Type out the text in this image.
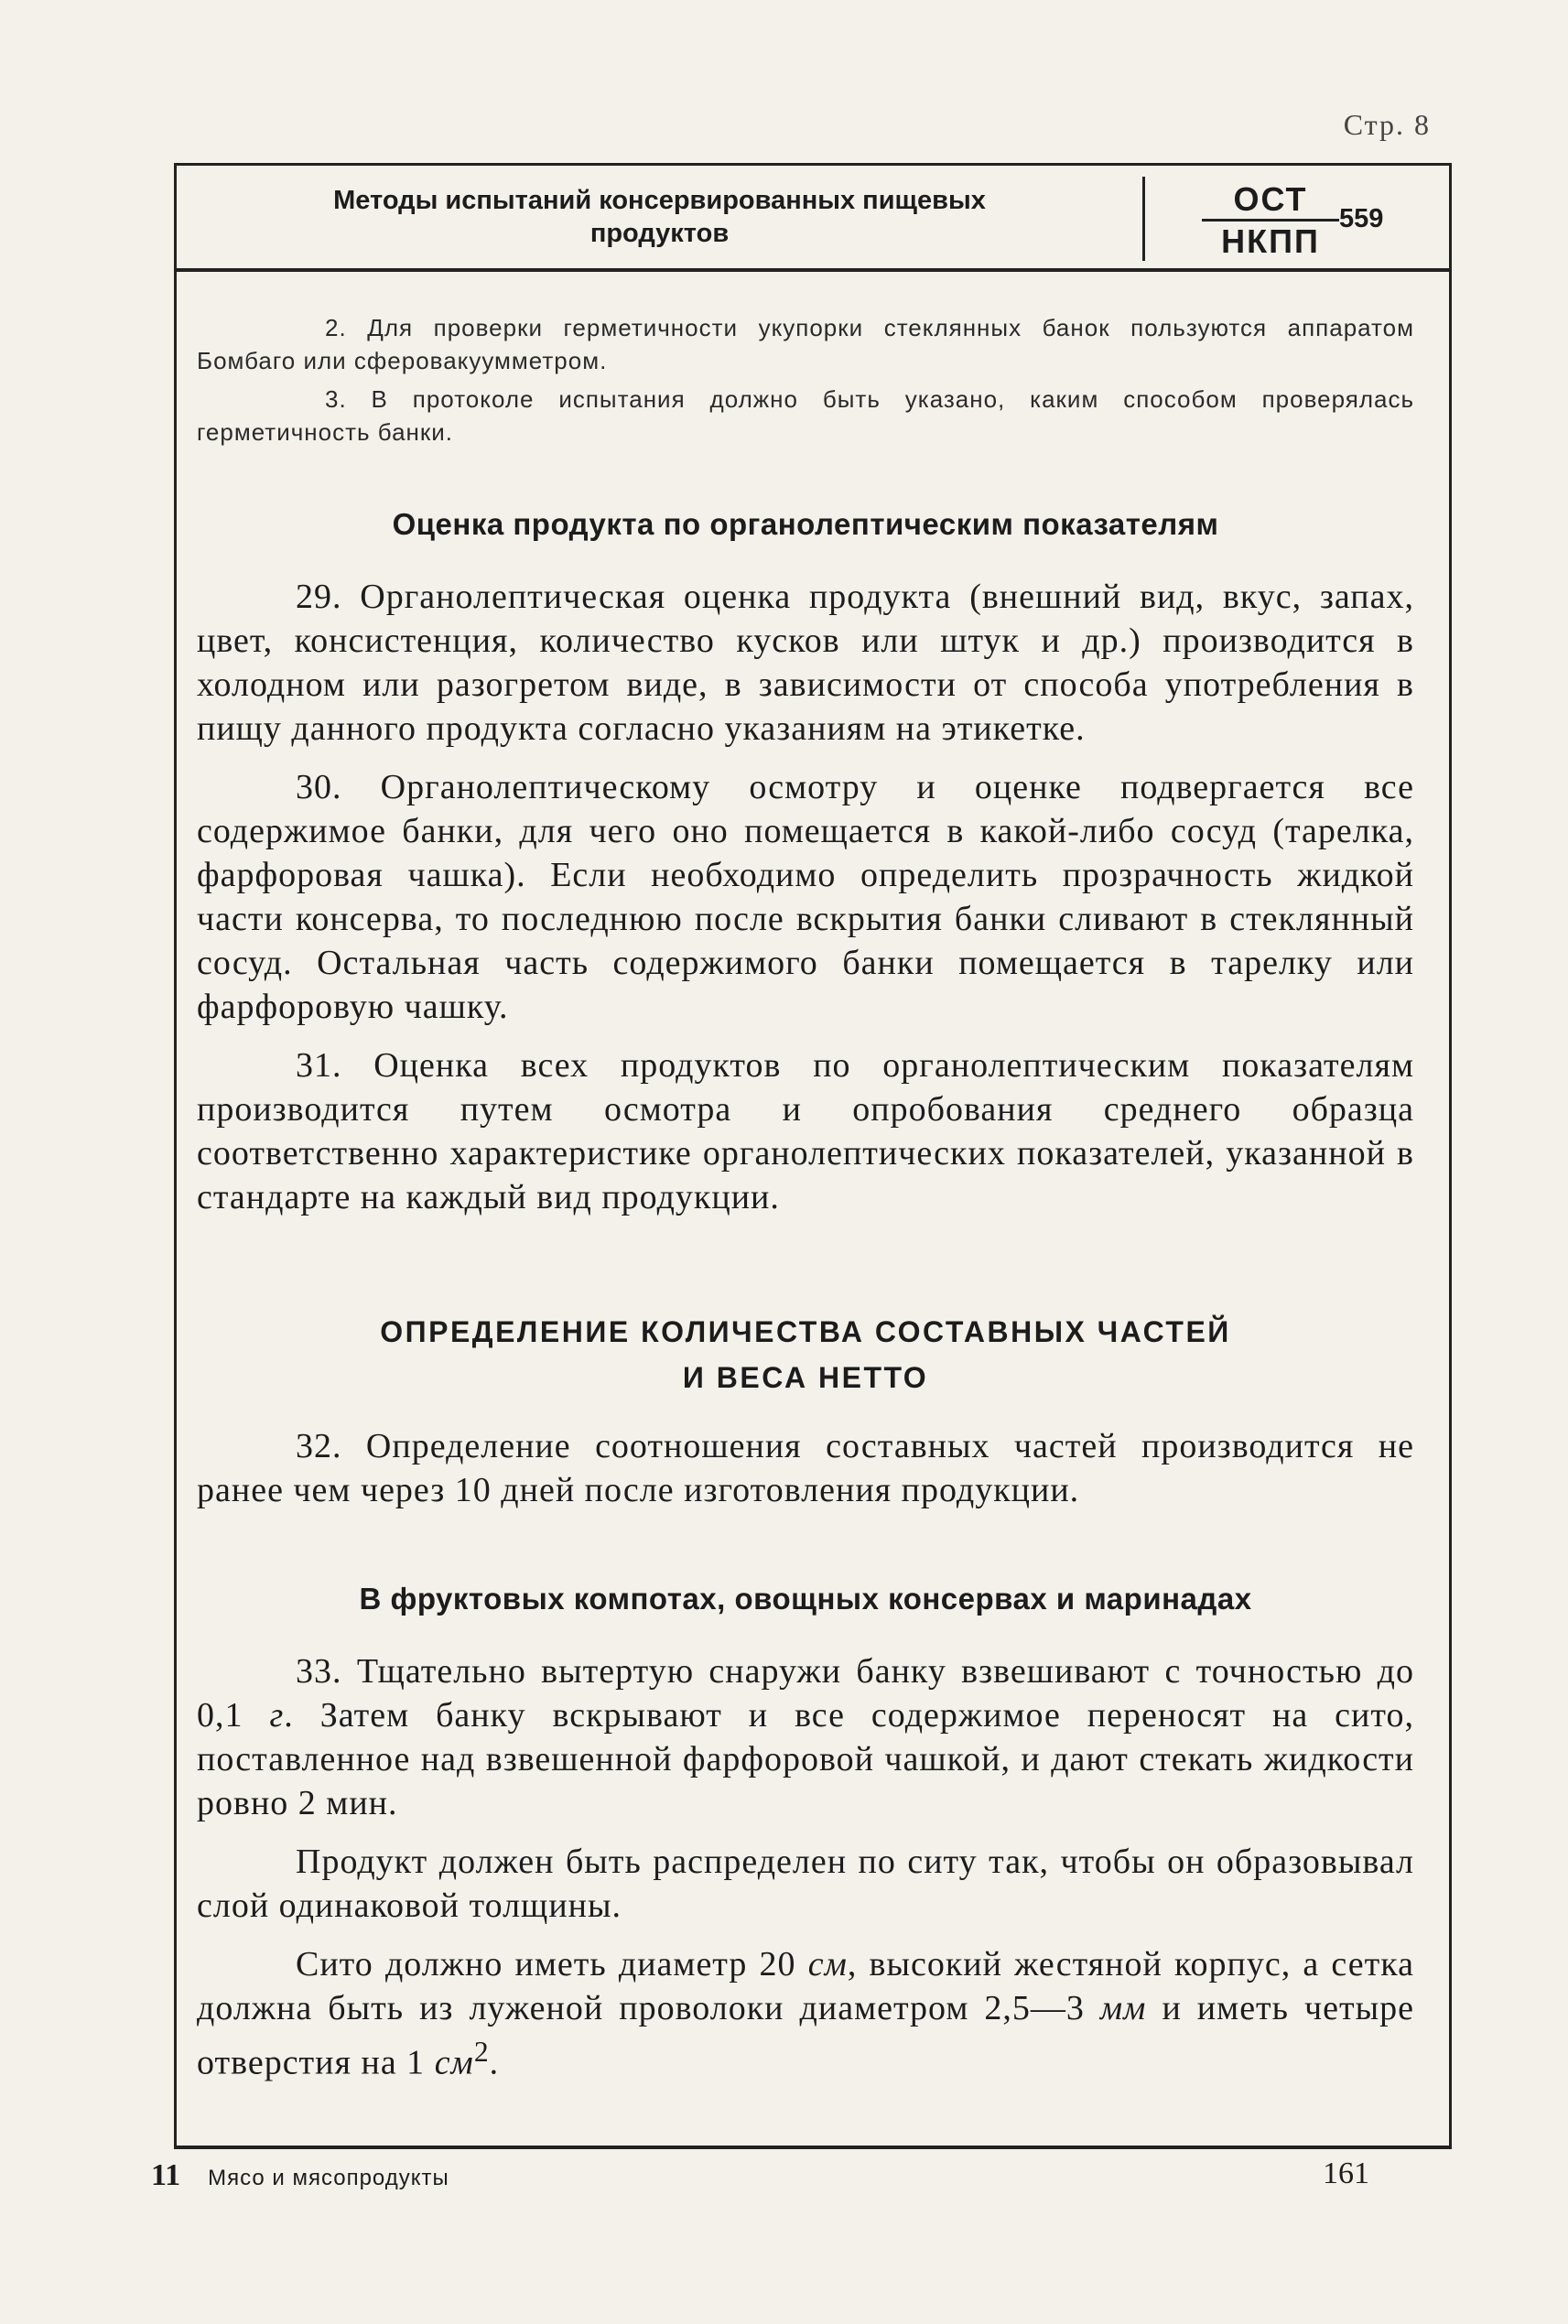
Стр. 8
Методы испытаний консервированных пищевых
продуктов
ОСТ
НКПП
559

2. Для проверки герметичности укупорки стеклянных банок пользуются аппаратом Бомбаго или сферовакуумметром.

3. В протоколе испытания должно быть указано, каким способом проверялась герметичность банки.

Оценка продукта по органолептическим показателям

29. Органолептическая оценка продукта (внешний вид, вкус, запах, цвет, консистенция, количество кусков или штук и др.) производится в холодном или разогретом виде, в зависимости от способа употребления в пищу данного продукта согласно указаниям на этикетке.

30. Органолептическому осмотру и оценке подвергается все содержимое банки, для чего оно помещается в какой-либо сосуд (тарелка, фарфоровая чашка). Если необходимо определить прозрачность жидкой части консерва, то последнюю после вскрытия банки сливают в стеклянный сосуд. Остальная часть содержимого банки помещается в тарелку или фарфоровую чашку.

31. Оценка всех продуктов по органолептическим показателям производится путем осмотра и опробования среднего образца соответственно характеристике органолептических показателей, указанной в стандарте на каждый вид продукции.

ОПРЕДЕЛЕНИЕ КОЛИЧЕСТВА СОСТАВНЫХ ЧАСТЕЙ
И ВЕСА НЕТТО

32. Определение соотношения составных частей производится не ранее чем через 10 дней после изготовления продукции.

В фруктовых компотах, овощных консервах и маринадах

33. Тщательно вытертую снаружи банку взвешивают с точностью до 0,1 г. Затем банку вскрывают и все содержимое переносят на сито, поставленное над взвешенной фарфоровой чашкой, и дают стекать жидкости ровно 2 мин.

Продукт должен быть распределен по ситу так, чтобы он образовывал слой одинаковой толщины.

Сито должно иметь диаметр 20 см, высокий жестяной корпус, а сетка должна быть из луженой проволоки диаметром 2,5—3 мм и иметь четыре отверстия на 1 $см^2$.

11 Мясо и мясопродукты	161
